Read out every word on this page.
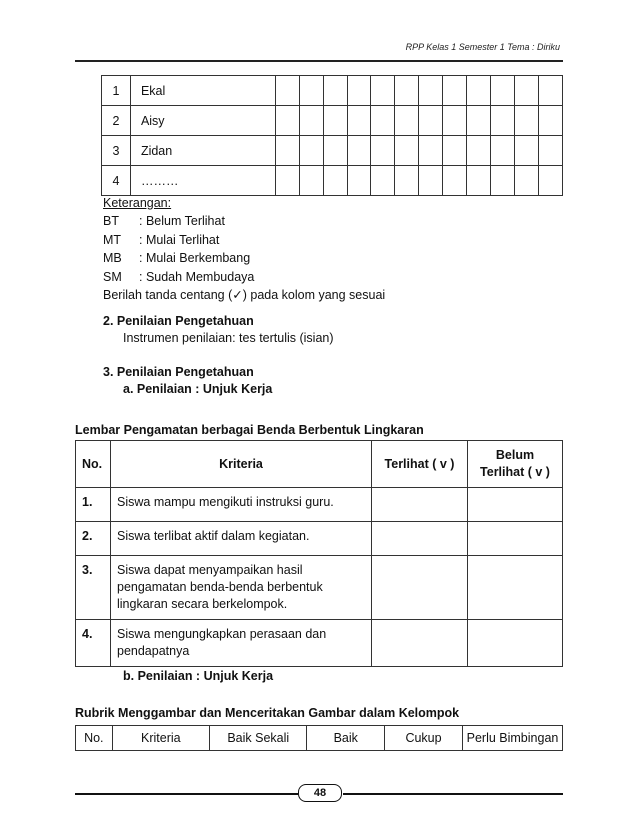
RPP Kelas 1 Semester 1 Tema : Diriku
1	Ekal												
2	Aisy												
3	Zidan												
4	………												
Keterangan:
BT	: Belum Terlihat
MT	: Mulai Terlihat
MB	: Mulai Berkembang
SM	: Sudah Membudaya
Berilah tanda centang (✓) pada kolom yang sesuai
2. Penilaian Pengetahuan
Instrumen penilaian: tes tertulis (isian)
3. Penilaian Pengetahuan
a. Penilaian : Unjuk Kerja
Lembar Pengamatan berbagai Benda Berbentuk Lingkaran
No.	Kriteria	Terlihat ( v )	Belum Terlihat ( v )
1.	Siswa mampu mengikuti instruksi guru.		
2.	Siswa terlibat aktif dalam kegiatan.		
3.	Siswa dapat menyampaikan hasil pengamatan benda-benda berbentuk lingkaran secara berkelompok.		
4.	Siswa mengungkapkan perasaan dan pendapatnya		
b. Penilaian : Unjuk Kerja
Rubrik Menggambar dan Menceritakan Gambar dalam Kelompok
No.	Kriteria	Baik Sekali	Baik	Cukup	Perlu Bimbingan
48
